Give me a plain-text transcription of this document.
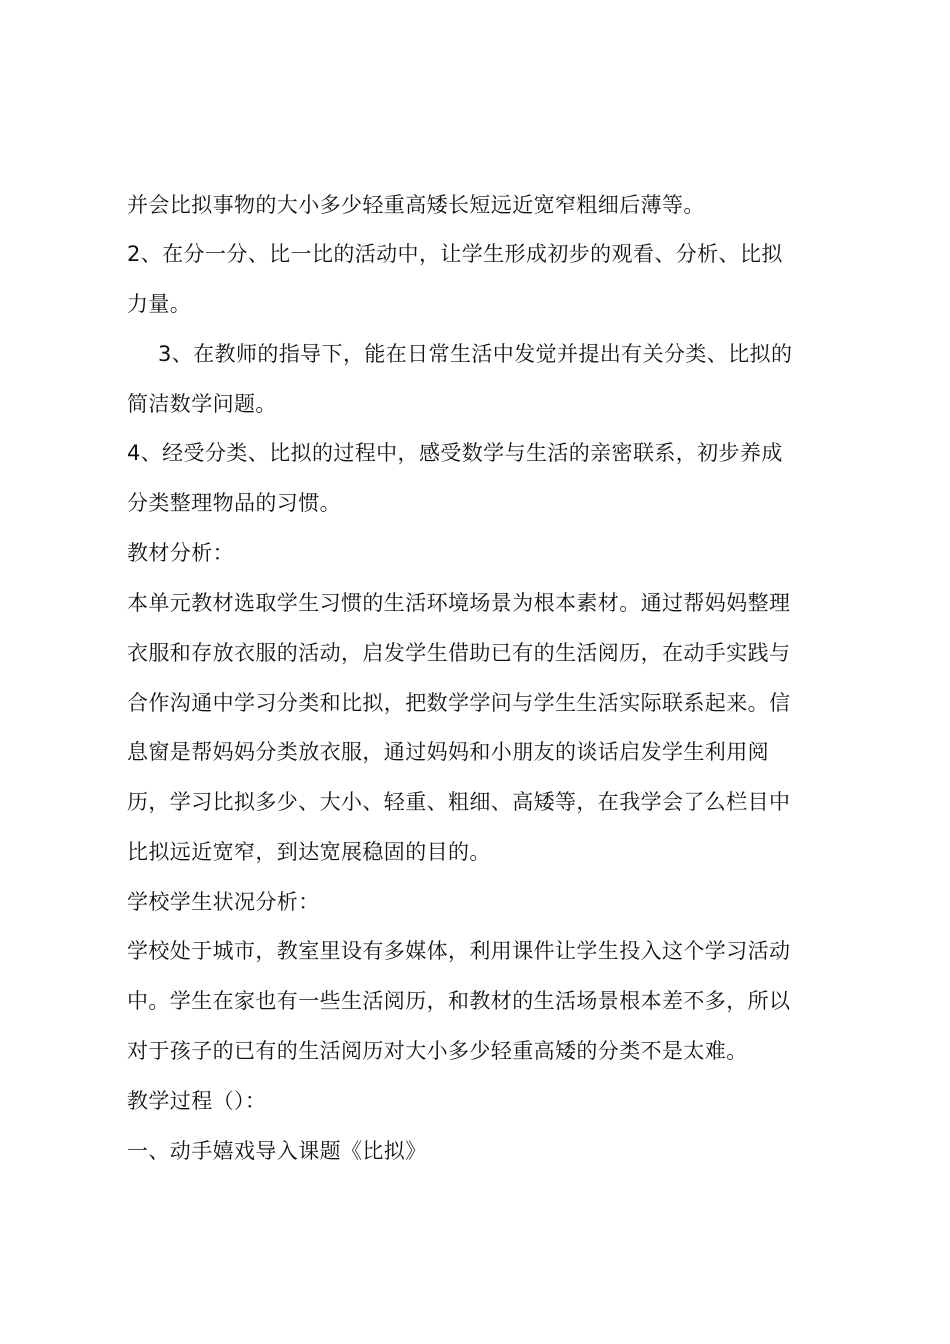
并会比拟事物的大小多少轻重高矮长短远近宽窄粗细后薄等。
2、在分一分、比一比的活动中，让学生形成初步的观看、分析、比拟
力量。
3、在教师的指导下，能在日常生活中发觉并提出有关分类、比拟的
简洁数学问题。
4、经受分类、比拟的过程中，感受数学与生活的亲密联系，初步养成
分类整理物品的习惯。
教材分析：
本单元教材选取学生习惯的生活环境场景为根本素材。通过帮妈妈整理
衣服和存放衣服的活动，启发学生借助已有的生活阅历，在动手实践与
合作沟通中学习分类和比拟，把数学学问与学生生活实际联系起来。信
息窗是帮妈妈分类放衣服，通过妈妈和小朋友的谈话启发学生利用阅
历，学习比拟多少、大小、轻重、粗细、高矮等，在我学会了么栏目中
比拟远近宽窄，到达宽展稳固的目的。
学校学生状况分析：
学校处于城市，教室里设有多媒体，利用课件让学生投入这个学习活动
中。学生在家也有一些生活阅历，和教材的生活场景根本差不多，所以
对于孩子的已有的生活阅历对大小多少轻重高矮的分类不是太难。
教学过程（）：
一、动手嬉戏导入课题《比拟》
